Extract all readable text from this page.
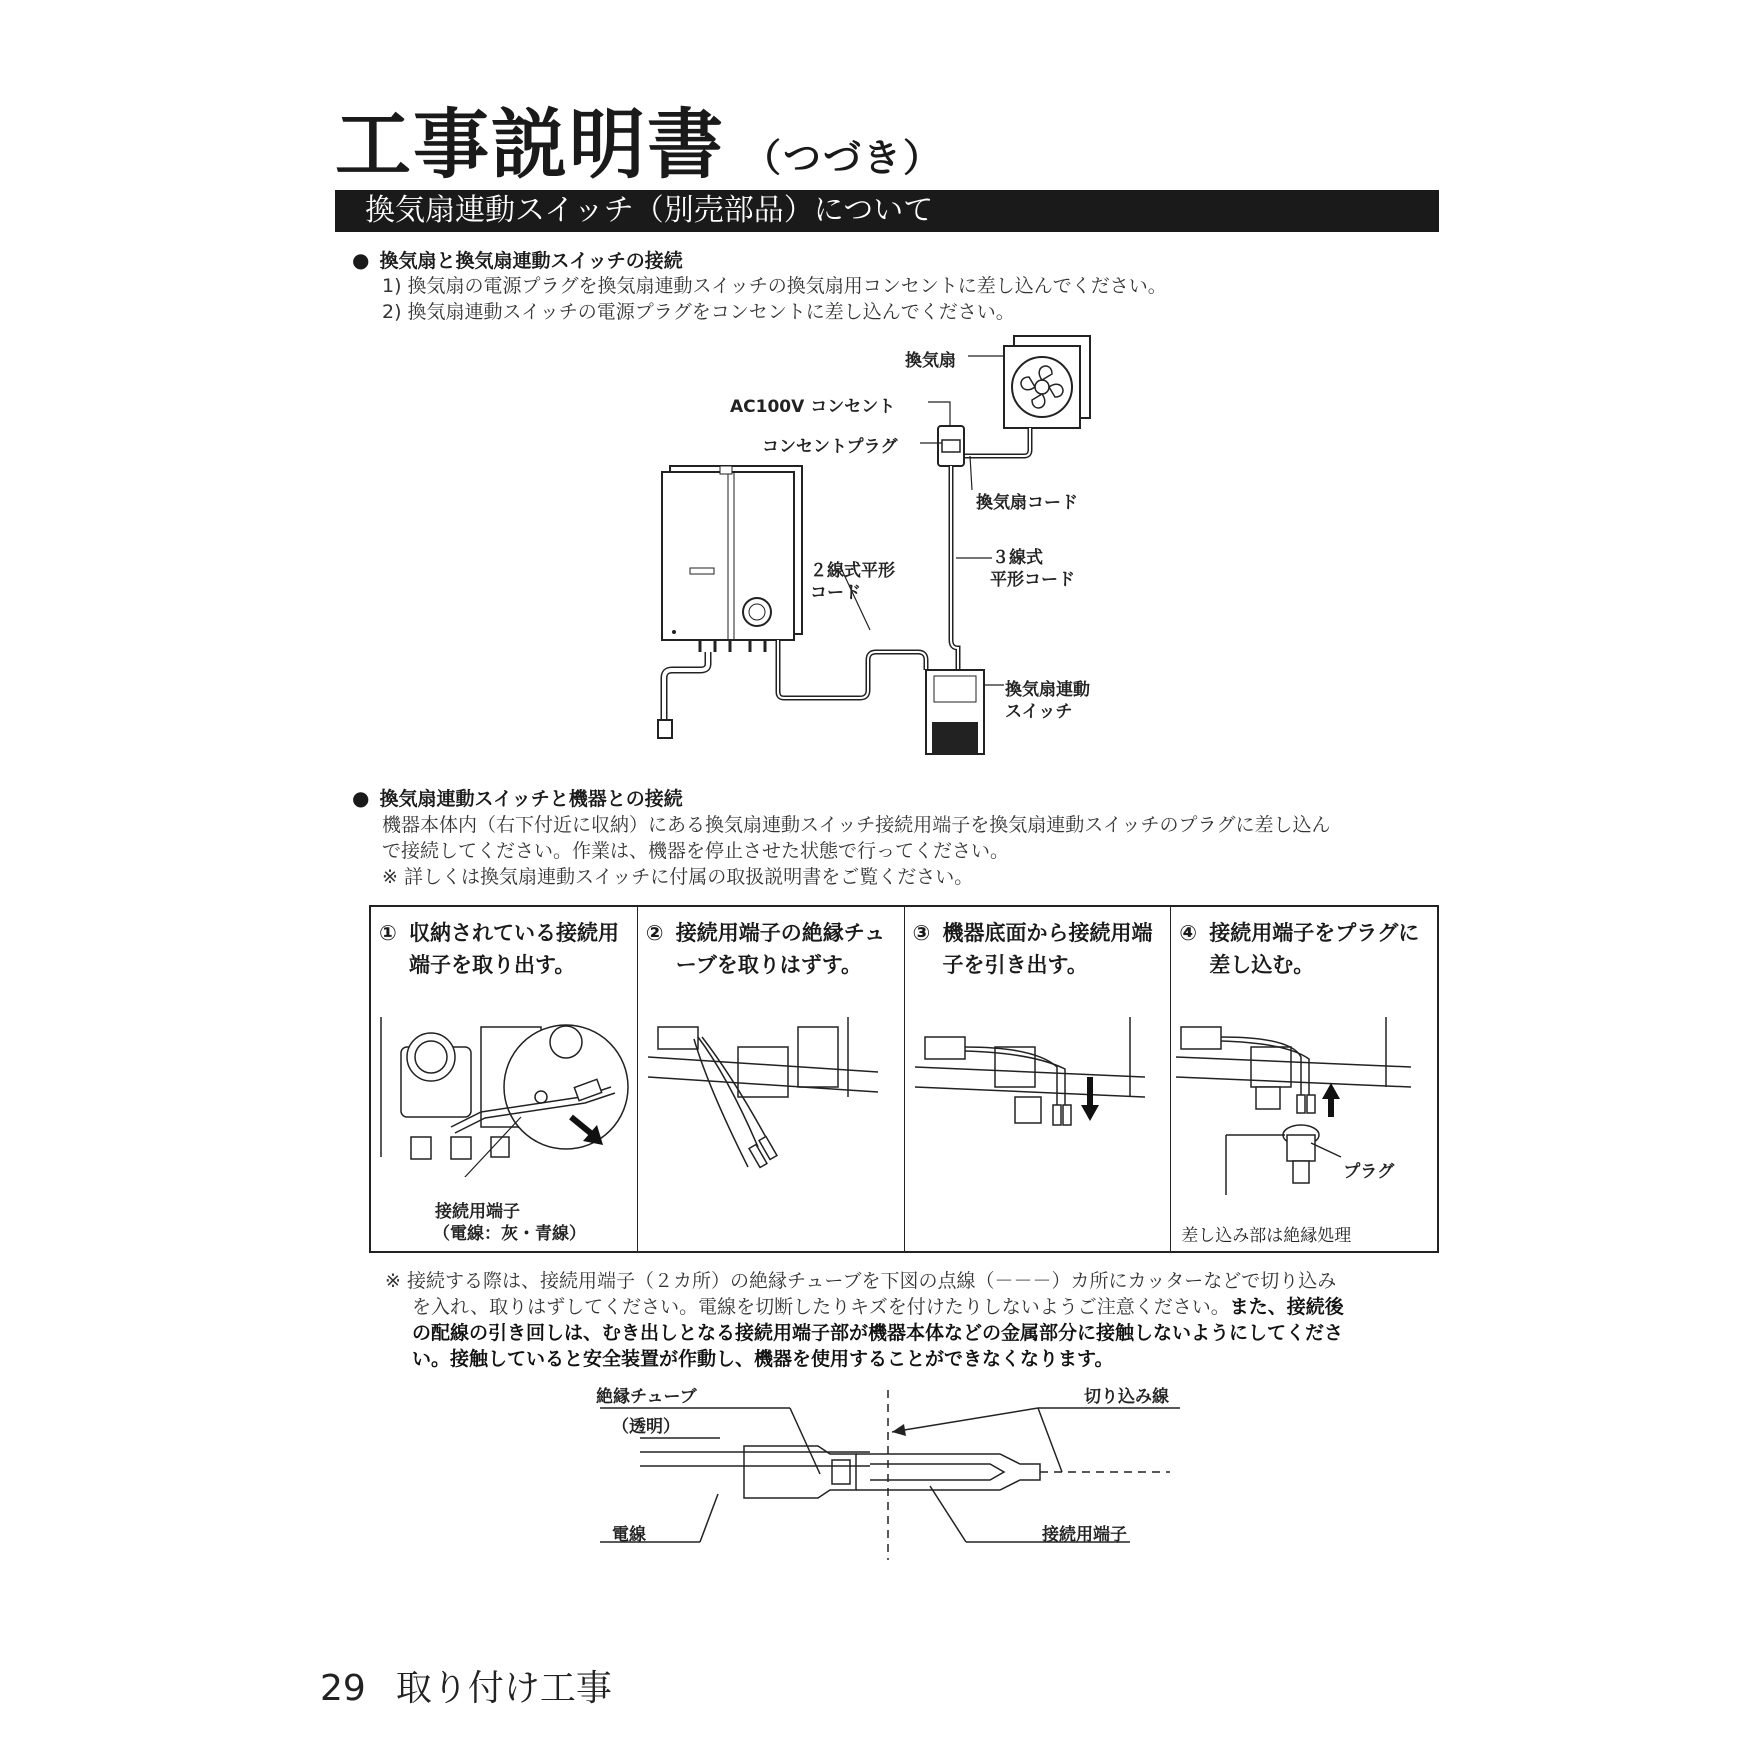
工事説明書 （つづき）
換気扇連動スイッチ（別売部品）について
● 換気扇と換気扇連動スイッチの接続
1) 換気扇の電源プラグを換気扇連動スイッチの換気扇用コンセントに差し込んでください。
2) 換気扇連動スイッチの電源プラグをコンセントに差し込んでください。
換気扇
AC100V コンセント
コンセントプラグ
換気扇コード
３線式
平形コード
２線式平形
コード
換気扇連動
スイッチ
● 換気扇連動スイッチと機器との接続
機器本体内（右下付近に収納）にある換気扇連動スイッチ接続用端子を換気扇連動スイッチのプラグに差し込ん
で接続してください。作業は、機器を停止させた状態で行ってください。
※ 詳しくは換気扇連動スイッチに付属の取扱説明書をご覧ください。
① 収納されている接続用端子を取り出す。
接続用端子
（電線：灰・青線）
② 接続用端子の絶縁チューブを取りはずす。
③ 機器底面から接続用端子を引き出す。
④ 接続用端子をプラグに差し込む。
プラグ
差し込み部は絶縁処理
※ 接続する際は、接続用端子（２カ所）の絶縁チューブを下図の点線（－－－）カ所にカッターなどで切り込み
を入れ、取りはずしてください。電線を切断したりキズを付けたりしないようご注意ください。また、接続後
の配線の引き回しは、むき出しとなる接続用端子部が機器本体などの金属部分に接触しないようにしてくださ
い。接触していると安全装置が作動し、機器を使用することができなくなります。
絶縁チューブ
（透明）
切り込み線
電線	接続用端子
29 取り付け工事
